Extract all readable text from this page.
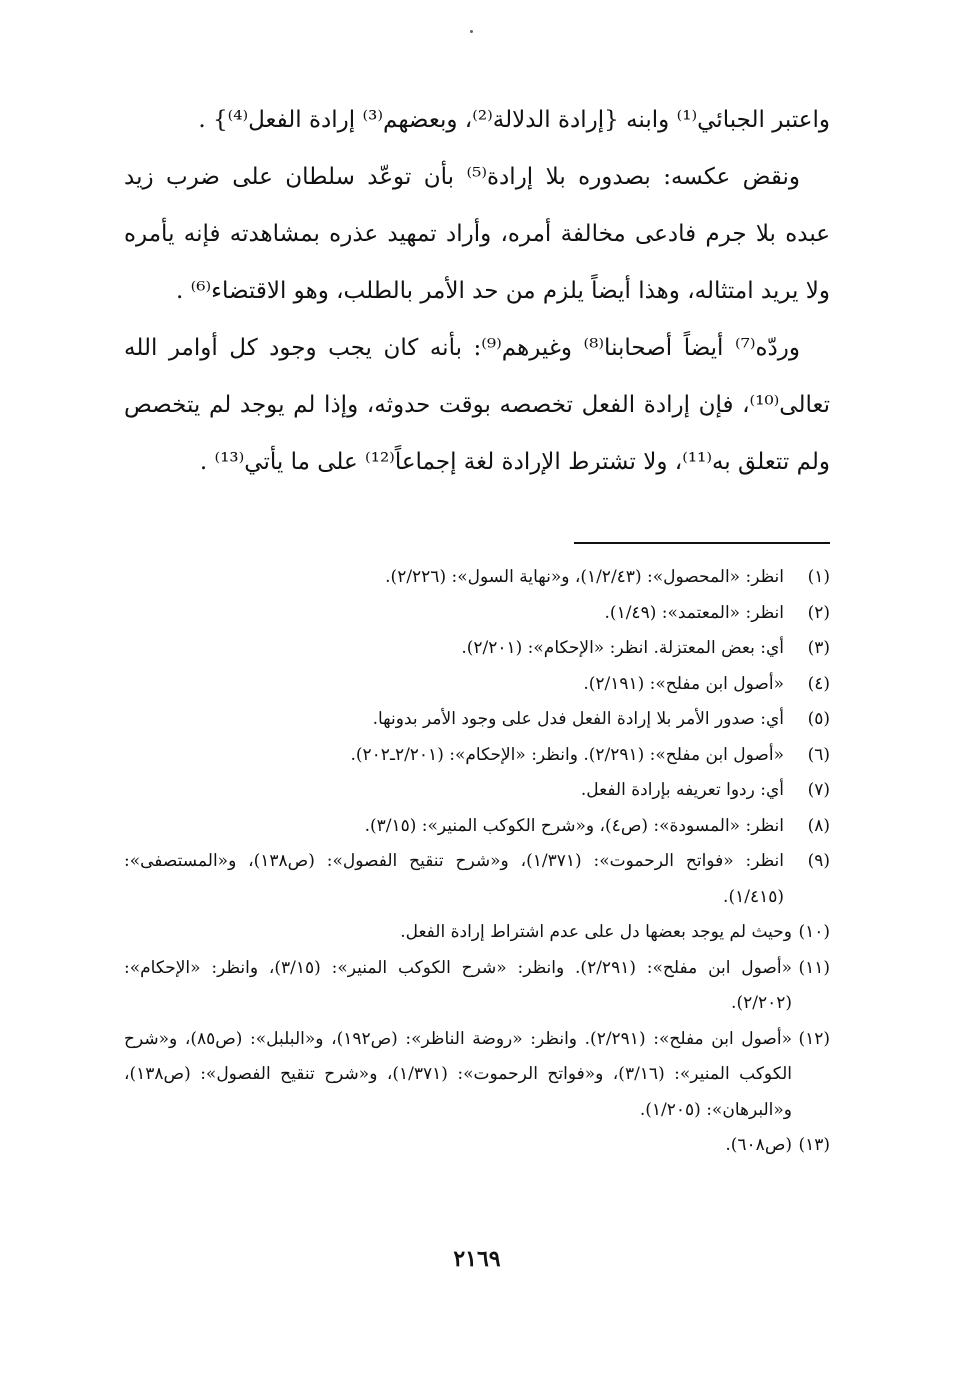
واعتبر الجبائي⁽¹⁾ وابنه {إرادة الدلالة⁽²⁾، وبعضهم⁽³⁾ إرادة الفعل⁽⁴⁾} .

ونقض عكسه: بصدوره بلا إرادة⁽⁵⁾ بأن توعّد سلطان على ضرب زيد عبده بلا جرم فادعى مخالفة أمره، وأراد تمهيد عذره بمشاهدته فإنه يأمره ولا يريد امتثاله، وهذا أيضاً يلزم من حد الأمر بالطلب، وهو الاقتضاء⁽⁶⁾ .

وردّه⁽⁷⁾ أيضاً أصحابنا⁽⁸⁾ وغيرهم⁽⁹⁾: بأنه كان يجب وجود كل أوامر الله تعالى⁽¹⁰⁾، فإن إرادة الفعل تخصصه بوقت حدوثه، وإذا لم يوجد لم يتخصص ولم تتعلق به⁽¹¹⁾، ولا تشترط الإرادة لغة إجماعاً⁽¹²⁾ على ما يأتي⁽¹³⁾ .

(١)
انظر: «المحصول»: (١/٢/٤٣)، و«نهاية السول»: (٢/٢٢٦).
(٢)
انظر: «المعتمد»: (١/٤٩).
(٣)
أي: بعض المعتزلة. انظر: «الإحكام»: (٢/٢٠١).
(٤)
«أصول ابن مفلح»: (٢/١٩١).
(٥)
أي: صدور الأمر بلا إرادة الفعل فدل على وجود الأمر بدونها.
(٦)
«أصول ابن مفلح»: (٢/٢٩١). وانظر: «الإحكام»: (٢/٢٠١ـ٢٠٢).
(٧)
أي: ردوا تعريفه بإرادة الفعل.
(٨)
انظر: «المسودة»: (ص٤)، و«شرح الكوكب المنير»: (٣/١٥).
(٩)
انظر: «فواتح الرحموت»: (١/٣٧١)، و«شرح تنقيح الفصول»: (ص١٣٨)، و«المستصفى»: (١/٤١٥).
(١٠)
وحيث لم يوجد بعضها دل على عدم اشتراط إرادة الفعل.
(١١)
«أصول ابن مفلح»: (٢/٢٩١). وانظر: «شرح الكوكب المنير»: (٣/١٥)، وانظر: «الإحكام»: (٢/٢٠٢).
(١٢)
«أصول ابن مفلح»: (٢/٢٩١). وانظر: «روضة الناظر»: (ص١٩٢)، و«البلبل»: (ص٨٥)، و«شرح الكوكب المنير»: (٣/١٦)، و«فواتح الرحموت»: (١/٣٧١)، و«شرح تنقيح الفصول»: (ص١٣٨)، و«البرهان»: (١/٢٠٥).
(١٣)
(ص٦٠٨).
٢١٦٩
